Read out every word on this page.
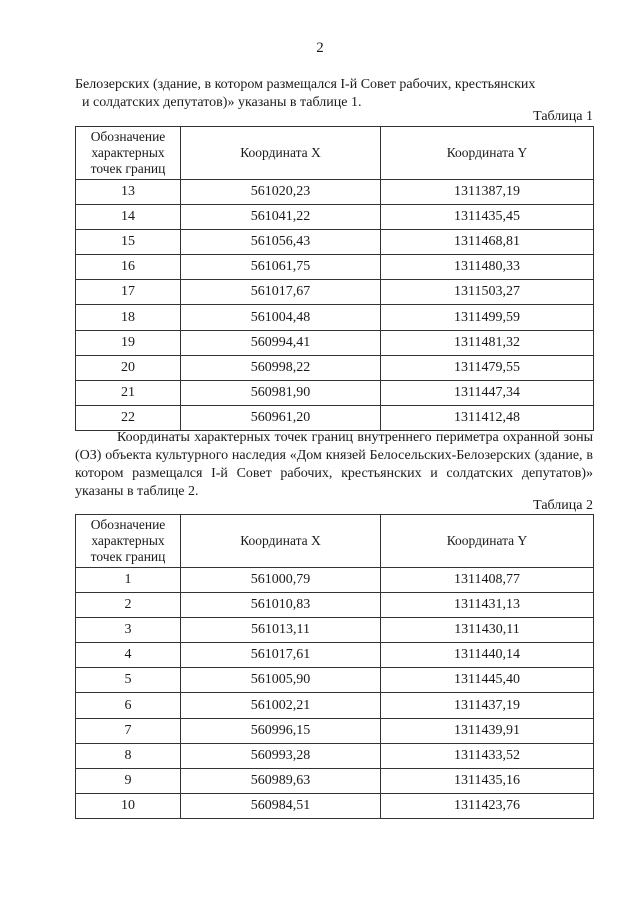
2

Белозерских (здание, в котором размещался I-й Совет рабочих, крестьянских
и солдатских депутатов)» указаны в таблице 1.

Таблица 1
Обозначение характерных точек границ	Координата X	Координата Y
13	561020,23	1311387,19
14	561041,22	1311435,45
15	561056,43	1311468,81
16	561061,75	1311480,33
17	561017,67	1311503,27
18	561004,48	1311499,59
19	560994,41	1311481,32
20	560998,22	1311479,55
21	560981,90	1311447,34
22	560961,20	1311412,48

Координаты характерных точек границ внутреннего периметра охранной зоны (ОЗ) объекта культурного наследия «Дом князей Белосельских-Белозерских (здание, в котором размещался I-й Совет рабочих, крестьянских и солдатских депутатов)» указаны в таблице 2.

Таблица 2
Обозначение характерных точек границ	Координата X	Координата Y
1	561000,79	1311408,77
2	561010,83	1311431,13
3	561013,11	1311430,11
4	561017,61	1311440,14
5	561005,90	1311445,40
6	561002,21	1311437,19
7	560996,15	1311439,91
8	560993,28	1311433,52
9	560989,63	1311435,16
10	560984,51	1311423,76
